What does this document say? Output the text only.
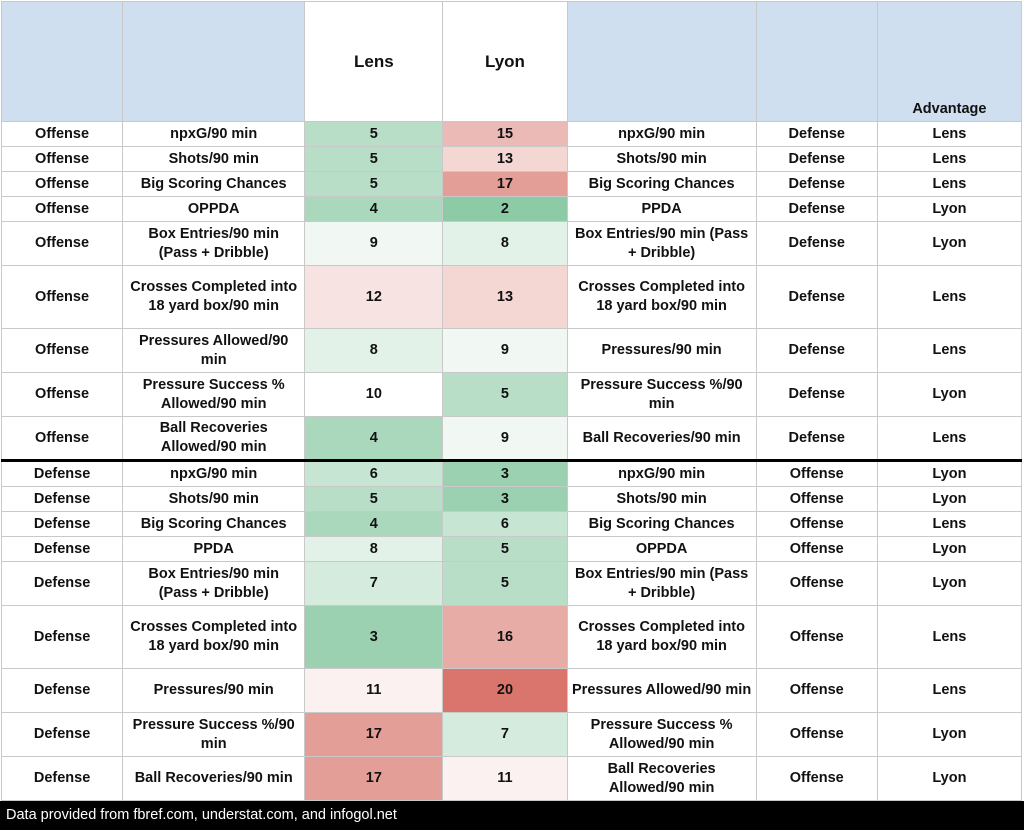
		Lens	Lyon			Advantage
Offense	npxG/90 min	5	15	npxG/90 min	Defense	Lens
Offense	Shots/90 min	5	13	Shots/90 min	Defense	Lens
Offense	Big Scoring Chances	5	17	Big Scoring Chances	Defense	Lens
Offense	OPPDA	4	2	PPDA	Defense	Lyon
Offense	Box Entries/90 min (Pass + Dribble)	9	8	Box Entries/90 min (Pass + Dribble)	Defense	Lyon
Offense	Crosses Completed into 18 yard box/90 min	12	13	Crosses Completed into 18 yard box/90 min	Defense	Lens
Offense	Pressures Allowed/90 min	8	9	Pressures/90 min	Defense	Lens
Offense	Pressure Success % Allowed/90 min	10	5	Pressure Success %/90 min	Defense	Lyon
Offense	Ball Recoveries Allowed/90 min	4	9	Ball Recoveries/90 min	Defense	Lens
Defense	npxG/90 min	6	3	npxG/90 min	Offense	Lyon
Defense	Shots/90 min	5	3	Shots/90 min	Offense	Lyon
Defense	Big Scoring Chances	4	6	Big Scoring Chances	Offense	Lens
Defense	PPDA	8	5	OPPDA	Offense	Lyon
Defense	Box Entries/90 min (Pass + Dribble)	7	5	Box Entries/90 min (Pass + Dribble)	Offense	Lyon
Defense	Crosses Completed into 18 yard box/90 min	3	16	Crosses Completed into 18 yard box/90 min	Offense	Lens
Defense	Pressures/90 min	11	20	Pressures Allowed/90 min	Offense	Lens
Defense	Pressure Success %/90 min	17	7	Pressure Success % Allowed/90 min	Offense	Lyon
Defense	Ball Recoveries/90 min	17	11	Ball Recoveries Allowed/90 min	Offense	Lyon
Data provided from fbref.com, understat.com, and infogol.net
